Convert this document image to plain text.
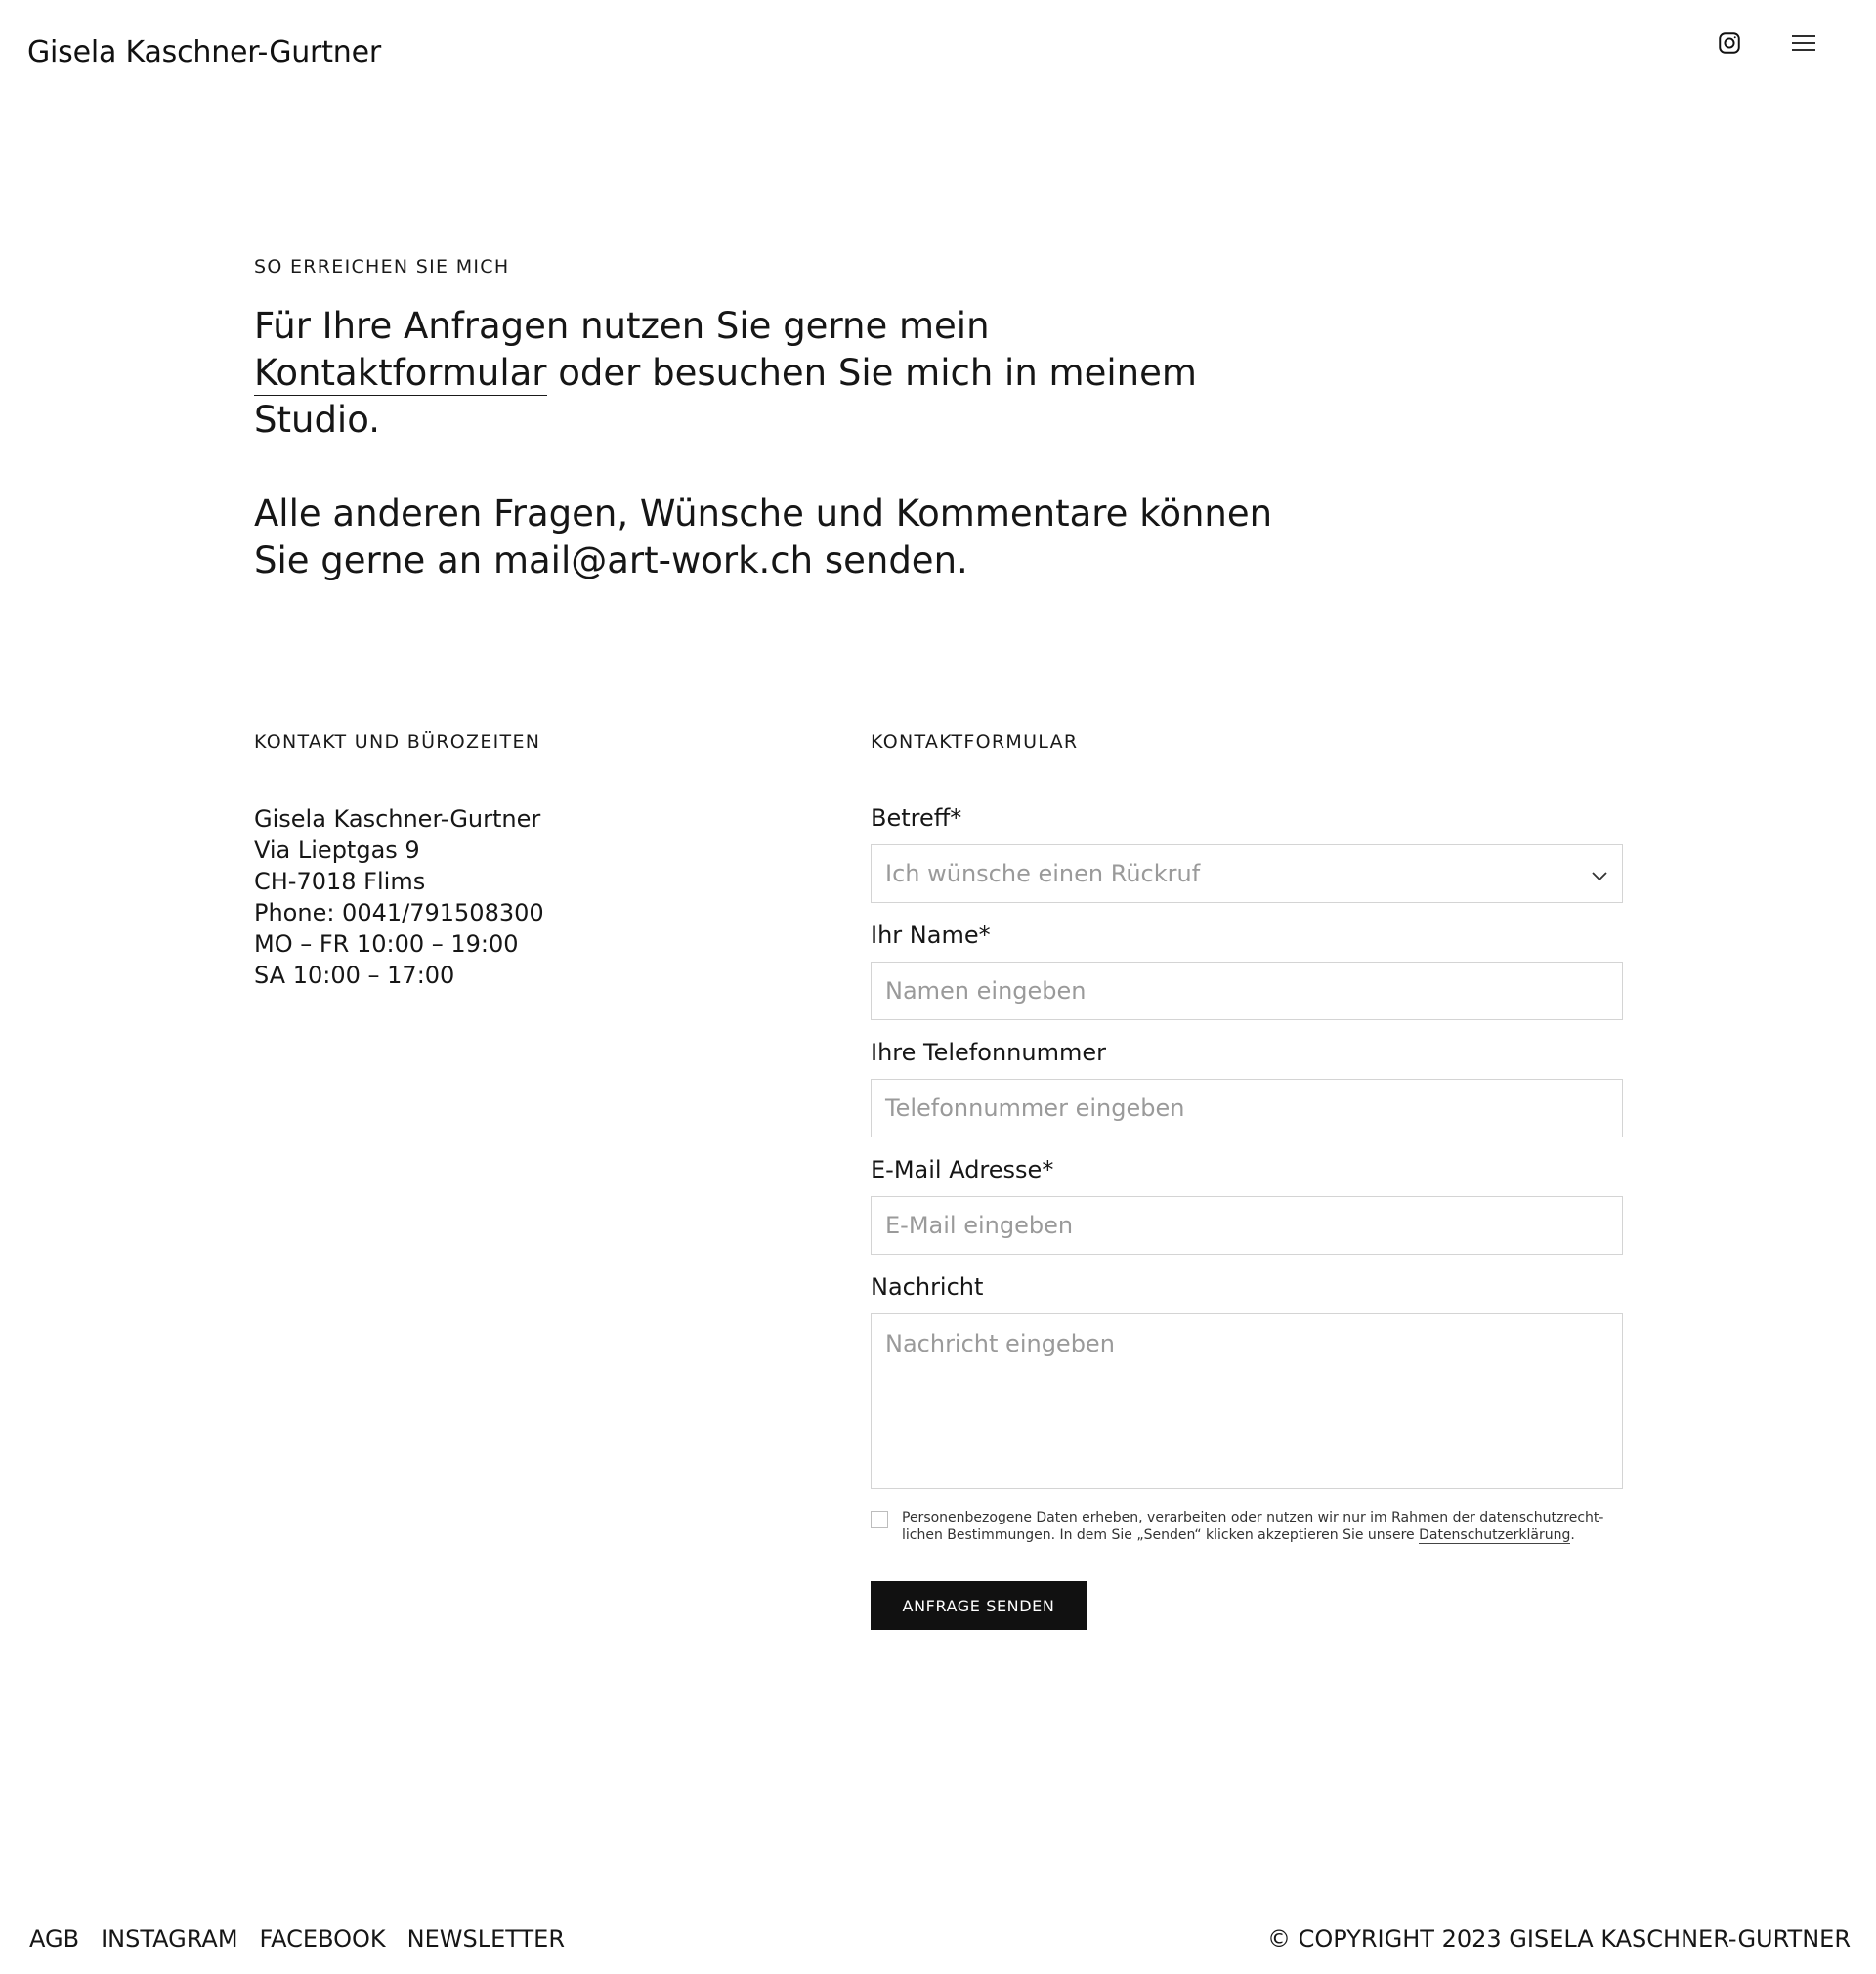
Gisela Kaschner-Gurtner
SO ERREICHEN SIE MICH

Für Ihre Anfragen nutzen Sie gerne mein Kontaktformular oder besuchen Sie mich in meinem Studio.

Alle anderen Fragen, Wünsche und Kommentare können Sie gerne an mail@art-work.ch senden.

KONTAKT UND BÜROZEITEN
Gisela Kaschner-Gurtner
Via Lieptgas 9
CH-7018 Flims
Phone: 0041/791508300
MO – FR 10:00 – 19:00
SA 10:00 – 17:00
KONTAKTFORMULAR
Betreff*
Ich wünsche einen Rückruf
Ihr Name*
Namen eingeben
Ihre Telefonnummer
Telefonnummer eingeben
E-Mail Adresse*
E-Mail eingeben
Nachricht
Nachricht eingeben
Personenbezogene Daten erheben, verarbeiten oder nutzen wir nur im Rahmen der datenschutzrecht-
lichen Bestimmungen. In dem Sie „Senden“ klicken akzeptieren Sie unsere Datenschutzerklärung.
ANFRAGE SENDEN
AGB INSTAGRAM FACEBOOK NEWSLETTER	© COPYRIGHT 2023 GISELA KASCHNER-GURTNER
